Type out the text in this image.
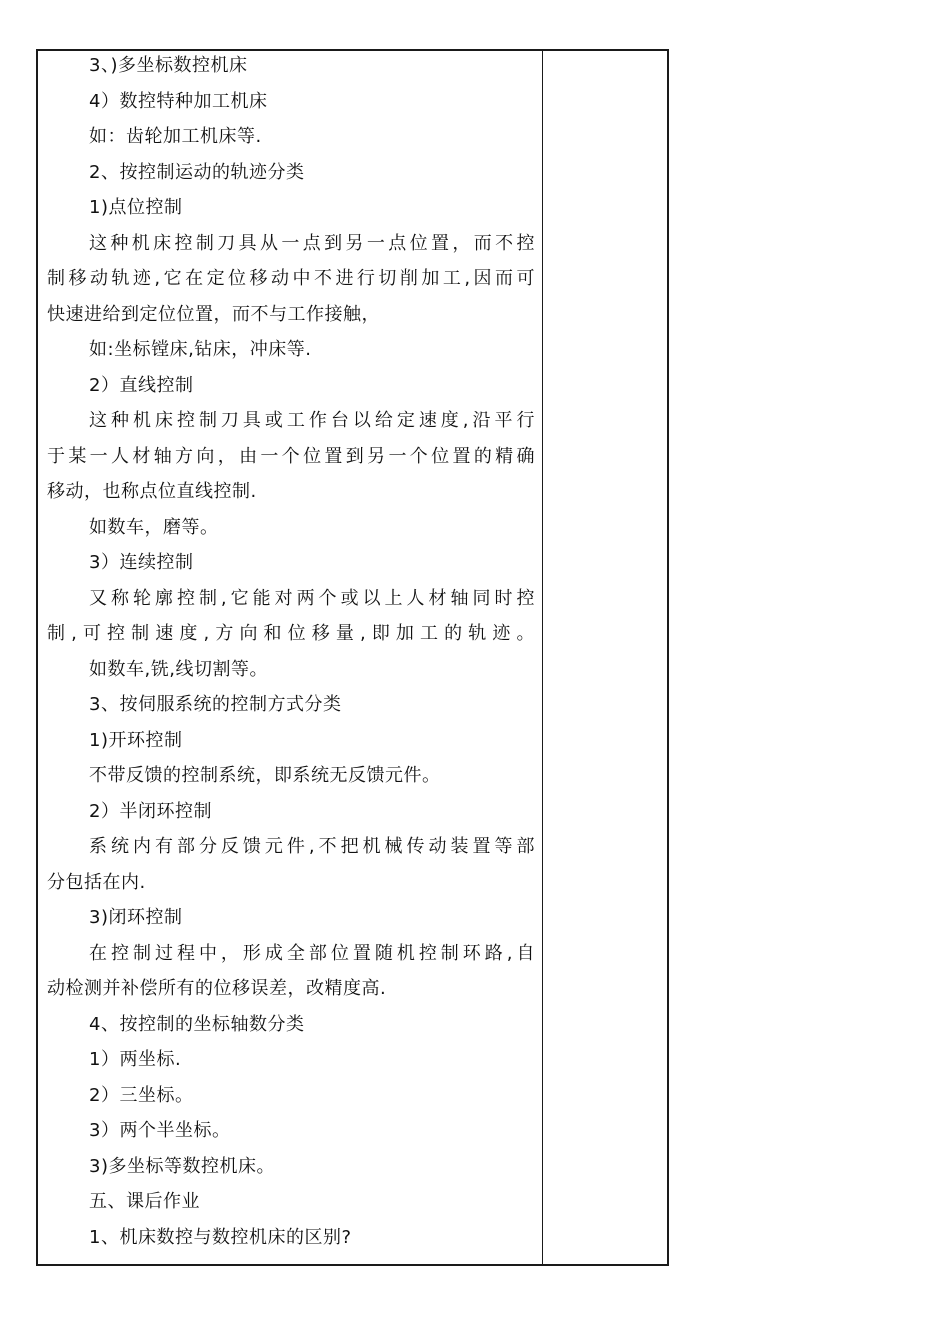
3、)多坐标数控机床
4）数控特种加工机床
如：齿轮加工机床等.
2、按控制运动的轨迹分类
1)点位控制
这种机床控制刀具从一点到另一点位置，而不控
制移动轨迹,它在定位移动中不进行切削加工,因而可
快速进给到定位位置，而不与工作接触，
如:坐标镗床,钻床，冲床等.
2）直线控制
这种机床控制刀具或工作台以给定速度,沿平行
于某一人材轴方向，由一个位置到另一个位置的精确
移动，也称点位直线控制.
如数车，磨等。
3）连续控制
又称轮廓控制,它能对两个或以上人材轴同时控
制,可控制速度,方向和位移量,即加工的轨迹。
如数车,铣,线切割等。
3、按伺服系统的控制方式分类
1)开环控制
不带反馈的控制系统，即系统无反馈元件。
2）半闭环控制
系统内有部分反馈元件,不把机械传动装置等部
分包括在内.
3)闭环控制
在控制过程中，形成全部位置随机控制环路,自
动检测并补偿所有的位移误差，改精度高.
4、按控制的坐标轴数分类
1）两坐标.
2）三坐标。
3）两个半坐标。
3)多坐标等数控机床。
五、课后作业
1、机床数控与数控机床的区别?
